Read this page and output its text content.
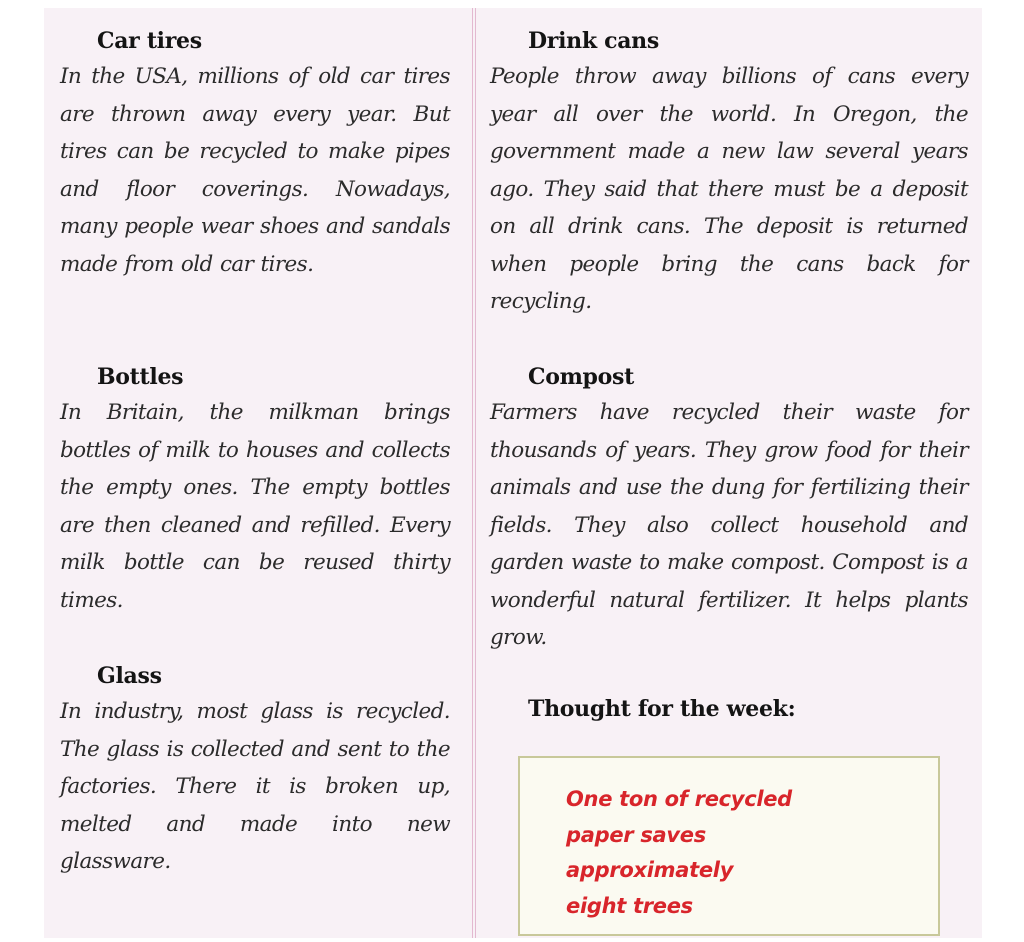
Car tires
In the USA, millions of old car tires are thrown away every year. But tires can be recycled to make pipes and floor coverings. Nowadays, many people wear shoes and sandals made from old car tires.
Drink cans
People throw away billions of cans every year all over the world. In Oregon, the government made a new law several years ago. They said that there must be a deposit on all drink cans. The deposit is returned when people bring the cans back for recycling.
Bottles
In Britain, the milkman brings bottles of milk to houses and collects the empty ones. The empty bottles are then cleaned and refilled. Every milk bottle can be reused thirty times.
Compost
Farmers have recycled their waste for thousands of years. They grow food for their animals and use the dung for fertilizing their fields. They also collect household and garden waste to make compost. Compost is a wonderful natural fertilizer. It helps plants grow.
Glass
In industry, most glass is recycled. The glass is collected and sent to the factories. There it is broken up, melted and made into new glassware.
Thought for the week:
One ton of recycled
paper saves
approximately
eight trees
